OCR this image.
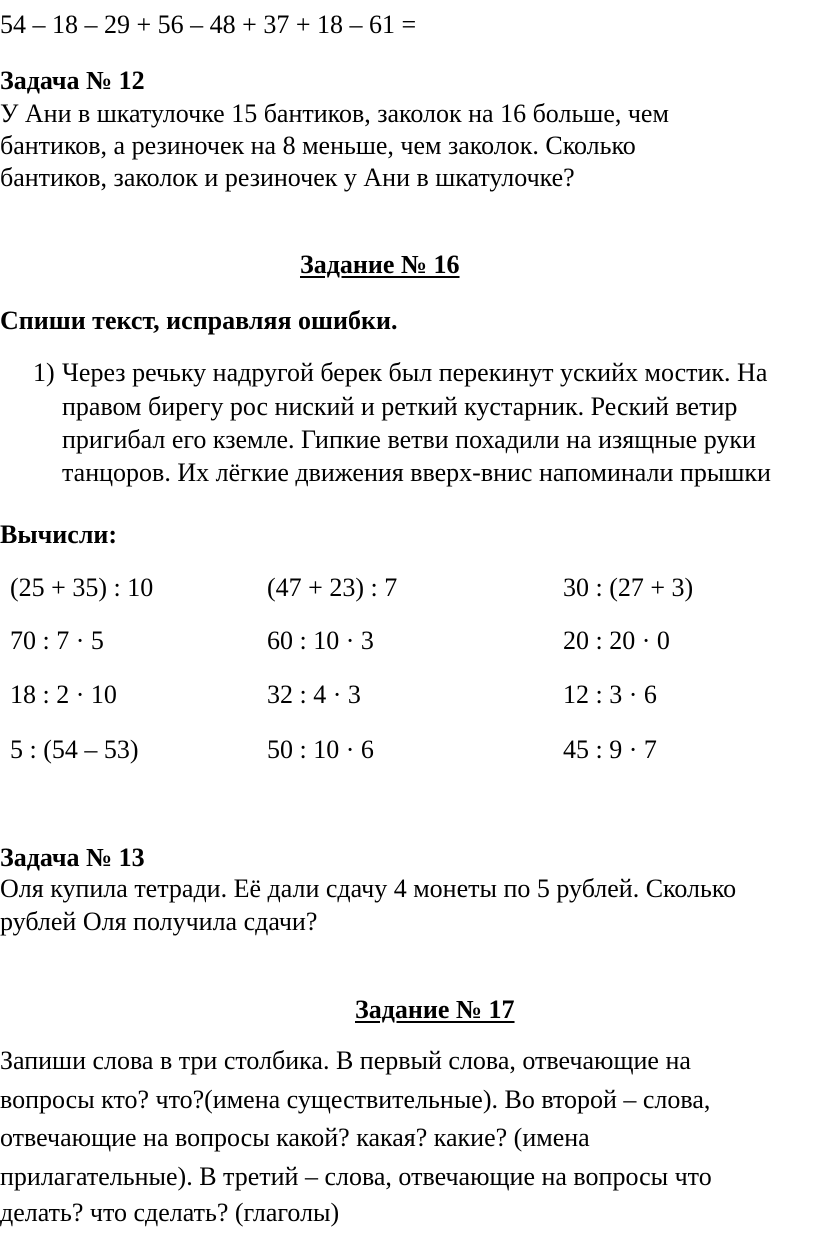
54 – 18 – 29 + 56 – 48 + 37 + 18 – 61 =
Задача № 12
У Ани в шкатулочке 15 бантиков, заколок на 16 больше, чем
бантиков, а резиночек на 8 меньше, чем заколок. Сколько
бантиков, заколок и резиночек у Ани в шкатулочке?
Задание № 16
Спиши текст, исправляя ошибки.
1) Через речьку надругой берек был перекинут ускийх мостик. На
правом бирегу рос ниский и реткий кустарник. Реский ветир
пригибал его кземле. Гипкие ветви похадили на изящные руки
танцоров. Их лёгкие движения вверх-внис напоминали прышки
Вычисли:
(25 + 35) : 10	(47 + 23) : 7	30 : (27 + 3)
70 : 7 · 5	60 : 10 · 3	20 : 20 · 0
18 : 2 · 10	32 : 4 · 3	12 : 3 · 6
5 : (54 – 53)	50 : 10 · 6	45 : 9 · 7
Задача № 13
Оля купила тетради. Её дали сдачу 4 монеты по 5 рублей. Сколько
рублей Оля получила сдачи?
Задание № 17
Запиши слова в три столбика. В первый слова, отвечающие на
вопросы кто? что?(имена существительные). Во второй – слова,
отвечающие на вопросы какой? какая? какие? (имена
прилагательные). В третий – слова, отвечающие на вопросы что
делать? что сделать? (глаголы)
